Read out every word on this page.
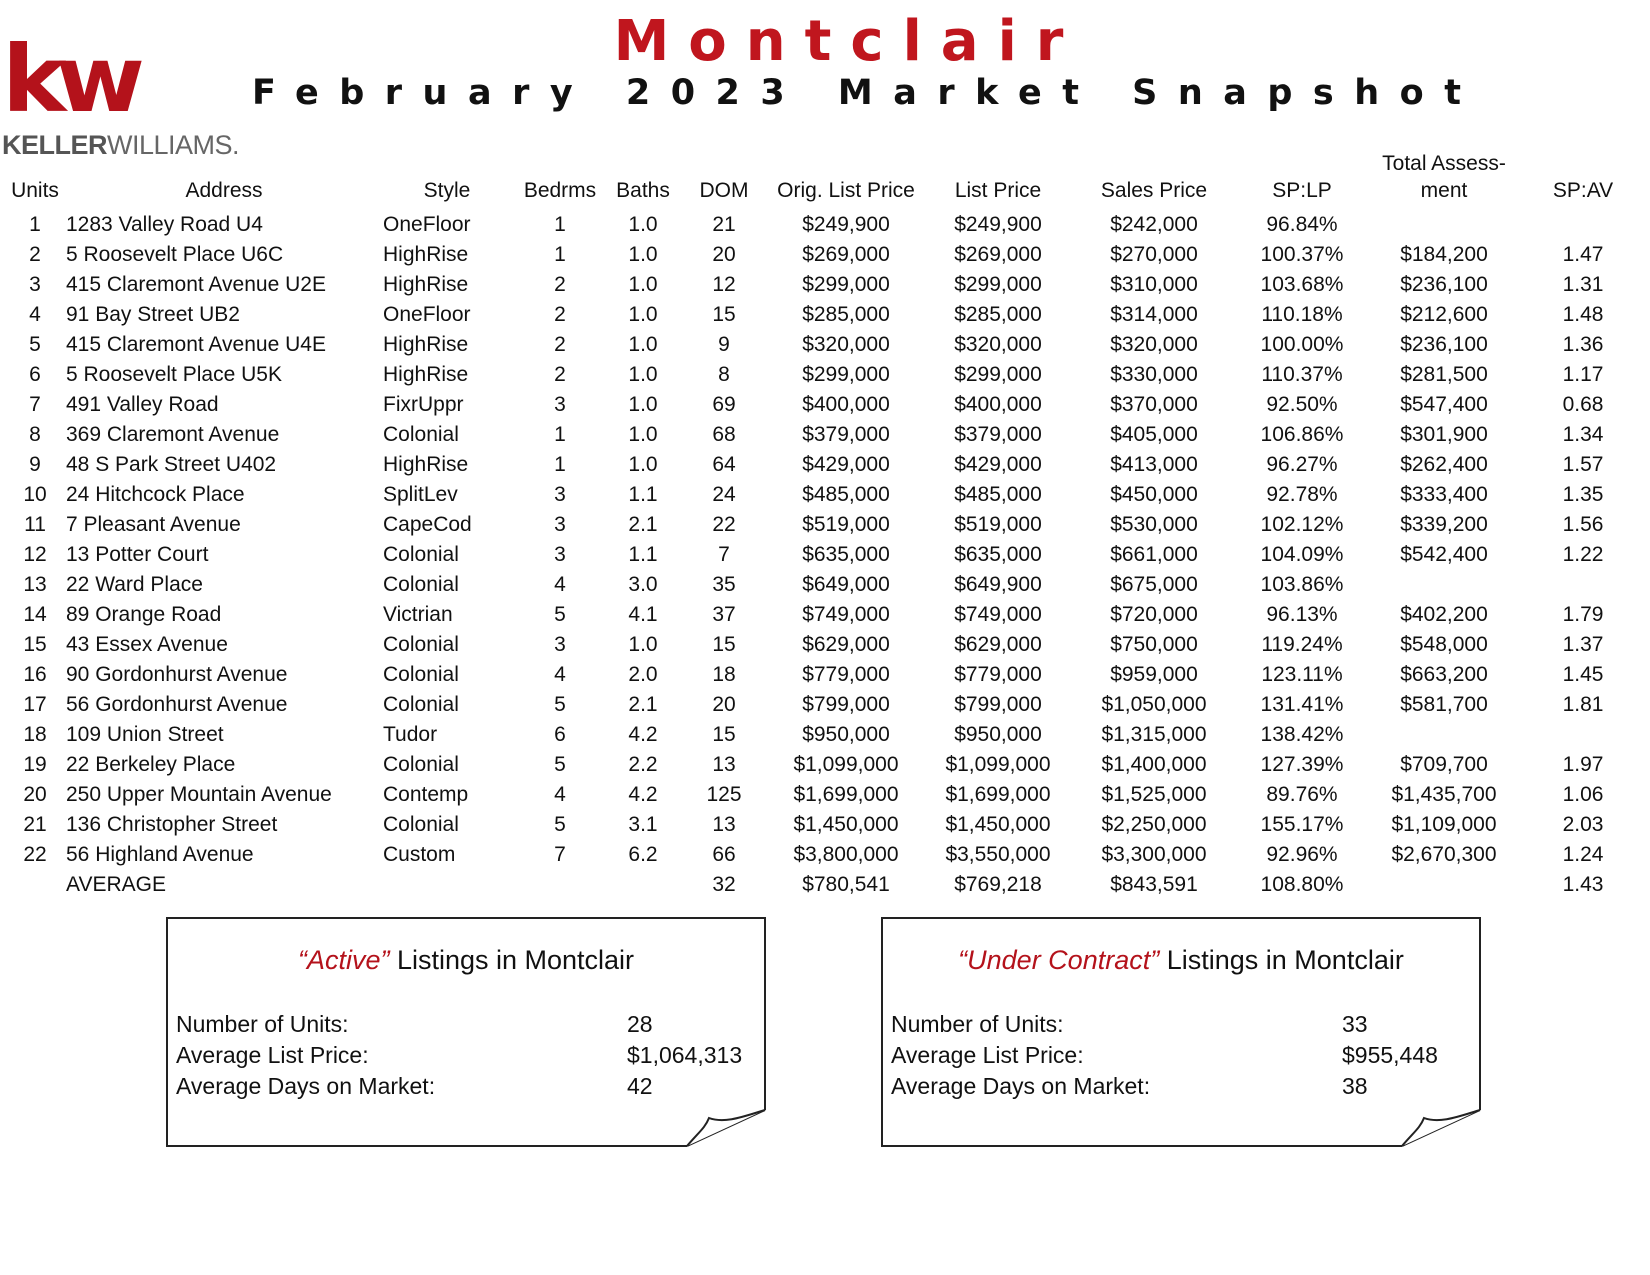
kw
KELLERWILLIAMS.
Montclair
February 2023 Market Snapshot
Units	Address	Style	Bedrms	Baths	DOM	Orig. List Price	List Price	Sales Price	SP:LP	Total Assess-
ment	SP:AV
1	1283 Valley Road U4	OneFloor	1	1.0	21	$249,900	$249,900	$242,000	96.84%		
2	5 Roosevelt Place U6C	HighRise	1	1.0	20	$269,000	$269,000	$270,000	100.37%	$184,200	1.47
3	415 Claremont Avenue U2E	HighRise	2	1.0	12	$299,000	$299,000	$310,000	103.68%	$236,100	1.31
4	91 Bay Street UB2	OneFloor	2	1.0	15	$285,000	$285,000	$314,000	110.18%	$212,600	1.48
5	415 Claremont Avenue U4E	HighRise	2	1.0	9	$320,000	$320,000	$320,000	100.00%	$236,100	1.36
6	5 Roosevelt Place U5K	HighRise	2	1.0	8	$299,000	$299,000	$330,000	110.37%	$281,500	1.17
7	491 Valley Road	FixrUppr	3	1.0	69	$400,000	$400,000	$370,000	92.50%	$547,400	0.68
8	369 Claremont Avenue	Colonial	1	1.0	68	$379,000	$379,000	$405,000	106.86%	$301,900	1.34
9	48 S Park Street U402	HighRise	1	1.0	64	$429,000	$429,000	$413,000	96.27%	$262,400	1.57
10	24 Hitchcock Place	SplitLev	3	1.1	24	$485,000	$485,000	$450,000	92.78%	$333,400	1.35
11	7 Pleasant Avenue	CapeCod	3	2.1	22	$519,000	$519,000	$530,000	102.12%	$339,200	1.56
12	13 Potter Court	Colonial	3	1.1	7	$635,000	$635,000	$661,000	104.09%	$542,400	1.22
13	22 Ward Place	Colonial	4	3.0	35	$649,000	$649,900	$675,000	103.86%		
14	89 Orange Road	Victrian	5	4.1	37	$749,000	$749,000	$720,000	96.13%	$402,200	1.79
15	43 Essex Avenue	Colonial	3	1.0	15	$629,000	$629,000	$750,000	119.24%	$548,000	1.37
16	90 Gordonhurst Avenue	Colonial	4	2.0	18	$779,000	$779,000	$959,000	123.11%	$663,200	1.45
17	56 Gordonhurst Avenue	Colonial	5	2.1	20	$799,000	$799,000	$1,050,000	131.41%	$581,700	1.81
18	109 Union Street	Tudor	6	4.2	15	$950,000	$950,000	$1,315,000	138.42%		
19	22 Berkeley Place	Colonial	5	2.2	13	$1,099,000	$1,099,000	$1,400,000	127.39%	$709,700	1.97
20	250 Upper Mountain Avenue	Contemp	4	4.2	125	$1,699,000	$1,699,000	$1,525,000	89.76%	$1,435,700	1.06
21	136 Christopher Street	Colonial	5	3.1	13	$1,450,000	$1,450,000	$2,250,000	155.17%	$1,109,000	2.03
22	56 Highland Avenue	Custom	7	6.2	66	$3,800,000	$3,550,000	$3,300,000	92.96%	$2,670,300	1.24
	AVERAGE				32	$780,541	$769,218	$843,591	108.80%		1.43
“Active” Listings in Montclair
Number of Units:	28
Average List Price:	$1,064,313
Average Days on Market:	42
“Under Contract” Listings in Montclair
Number of Units:	33
Average List Price:	$955,448
Average Days on Market:	38
